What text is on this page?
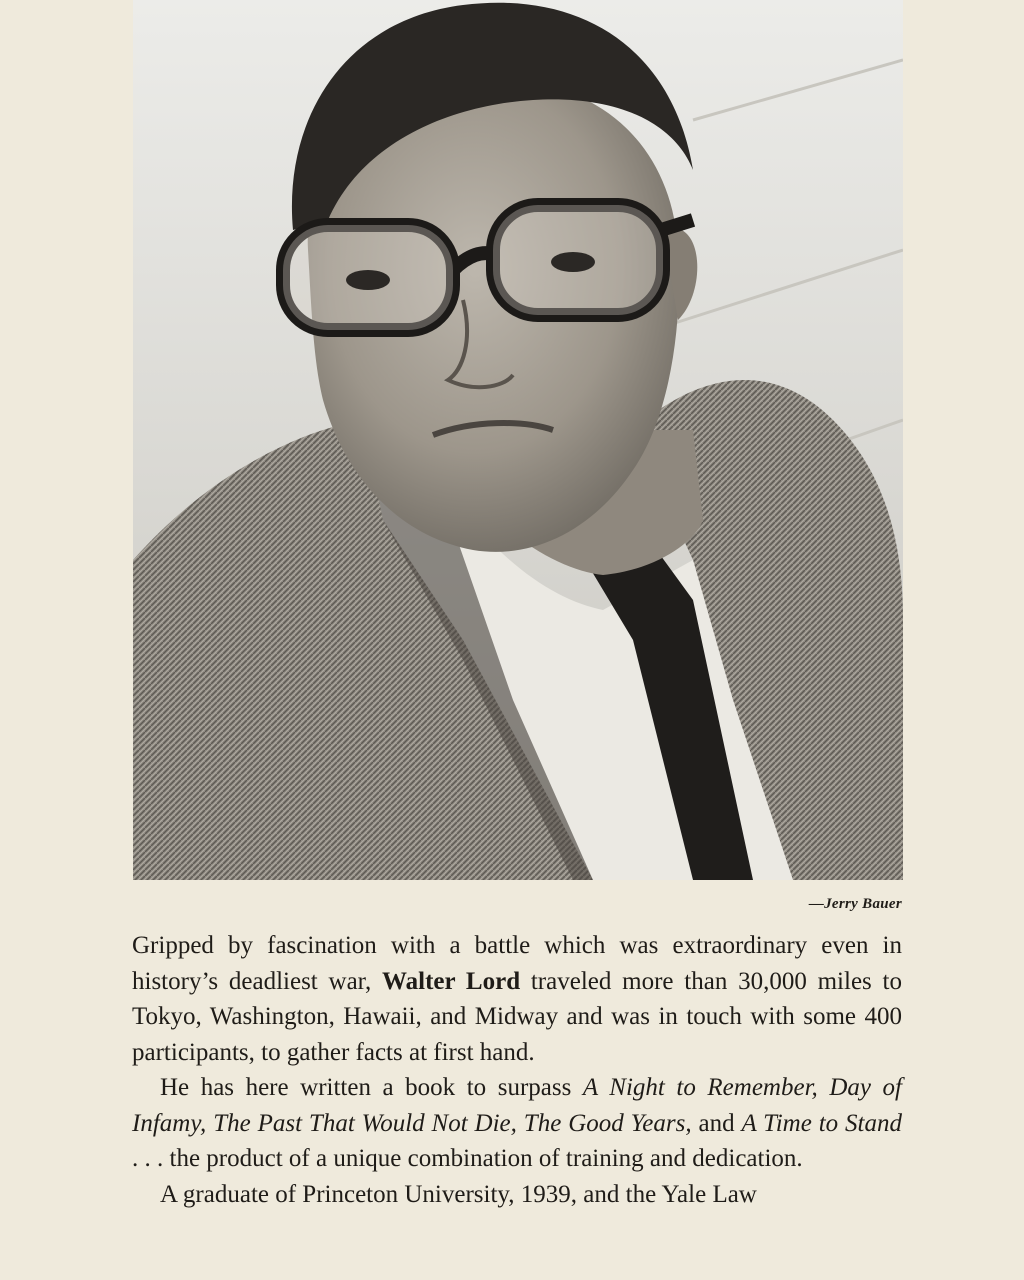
—Jerry Bauer

Gripped by fascination with a battle which was extraordinary even in history’s deadliest war, Walter Lord traveled more than 30,000 miles to Tokyo, Washington, Hawaii, and Midway and was in touch with some 400 participants, to gather facts at first hand.

He has here written a book to surpass A Night to Remember, Day of Infamy, The Past That Would Not Die, The Good Years, and A Time to Stand . . . the product of a unique combination of training and dedication.

A graduate of Princeton University, 1939, and the Yale Law
